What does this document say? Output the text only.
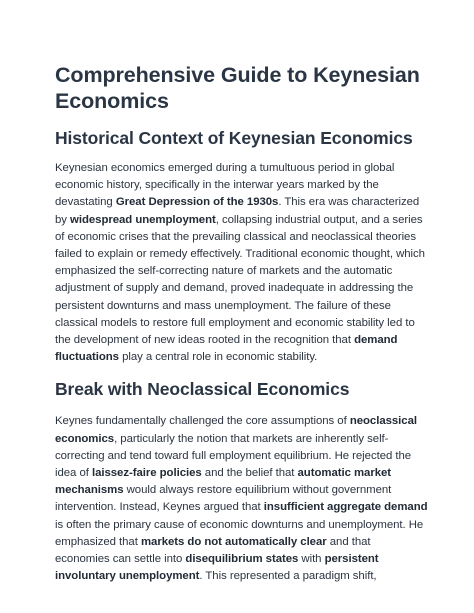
Comprehensive Guide to Keynesian Economics
Historical Context of Keynesian Economics

Keynesian economics emerged during a tumultuous period in global economic history, specifically in the interwar years marked by the devastating Great Depression of the 1930s. This era was characterized by widespread unemployment, collapsing industrial output, and a series of economic crises that the prevailing classical and neoclassical theories failed to explain or remedy effectively. Traditional economic thought, which emphasized the self-correcting nature of markets and the automatic adjustment of supply and demand, proved inadequate in addressing the persistent downturns and mass unemployment. The failure of these classical models to restore full employment and economic stability led to the development of new ideas rooted in the recognition that demand fluctuations play a central role in economic stability.

Break with Neoclassical Economics

Keynes fundamentally challenged the core assumptions of neoclassical economics, particularly the notion that markets are inherently self-correcting and tend toward full employment equilibrium. He rejected the idea of laissez-faire policies and the belief that automatic market mechanisms would always restore equilibrium without government intervention. Instead, Keynes argued that insufficient aggregate demand is often the primary cause of economic downturns and unemployment. He emphasized that markets do not automatically clear and that economies can settle into disequilibrium states with persistent involuntary unemployment. This represented a paradigm shift,
